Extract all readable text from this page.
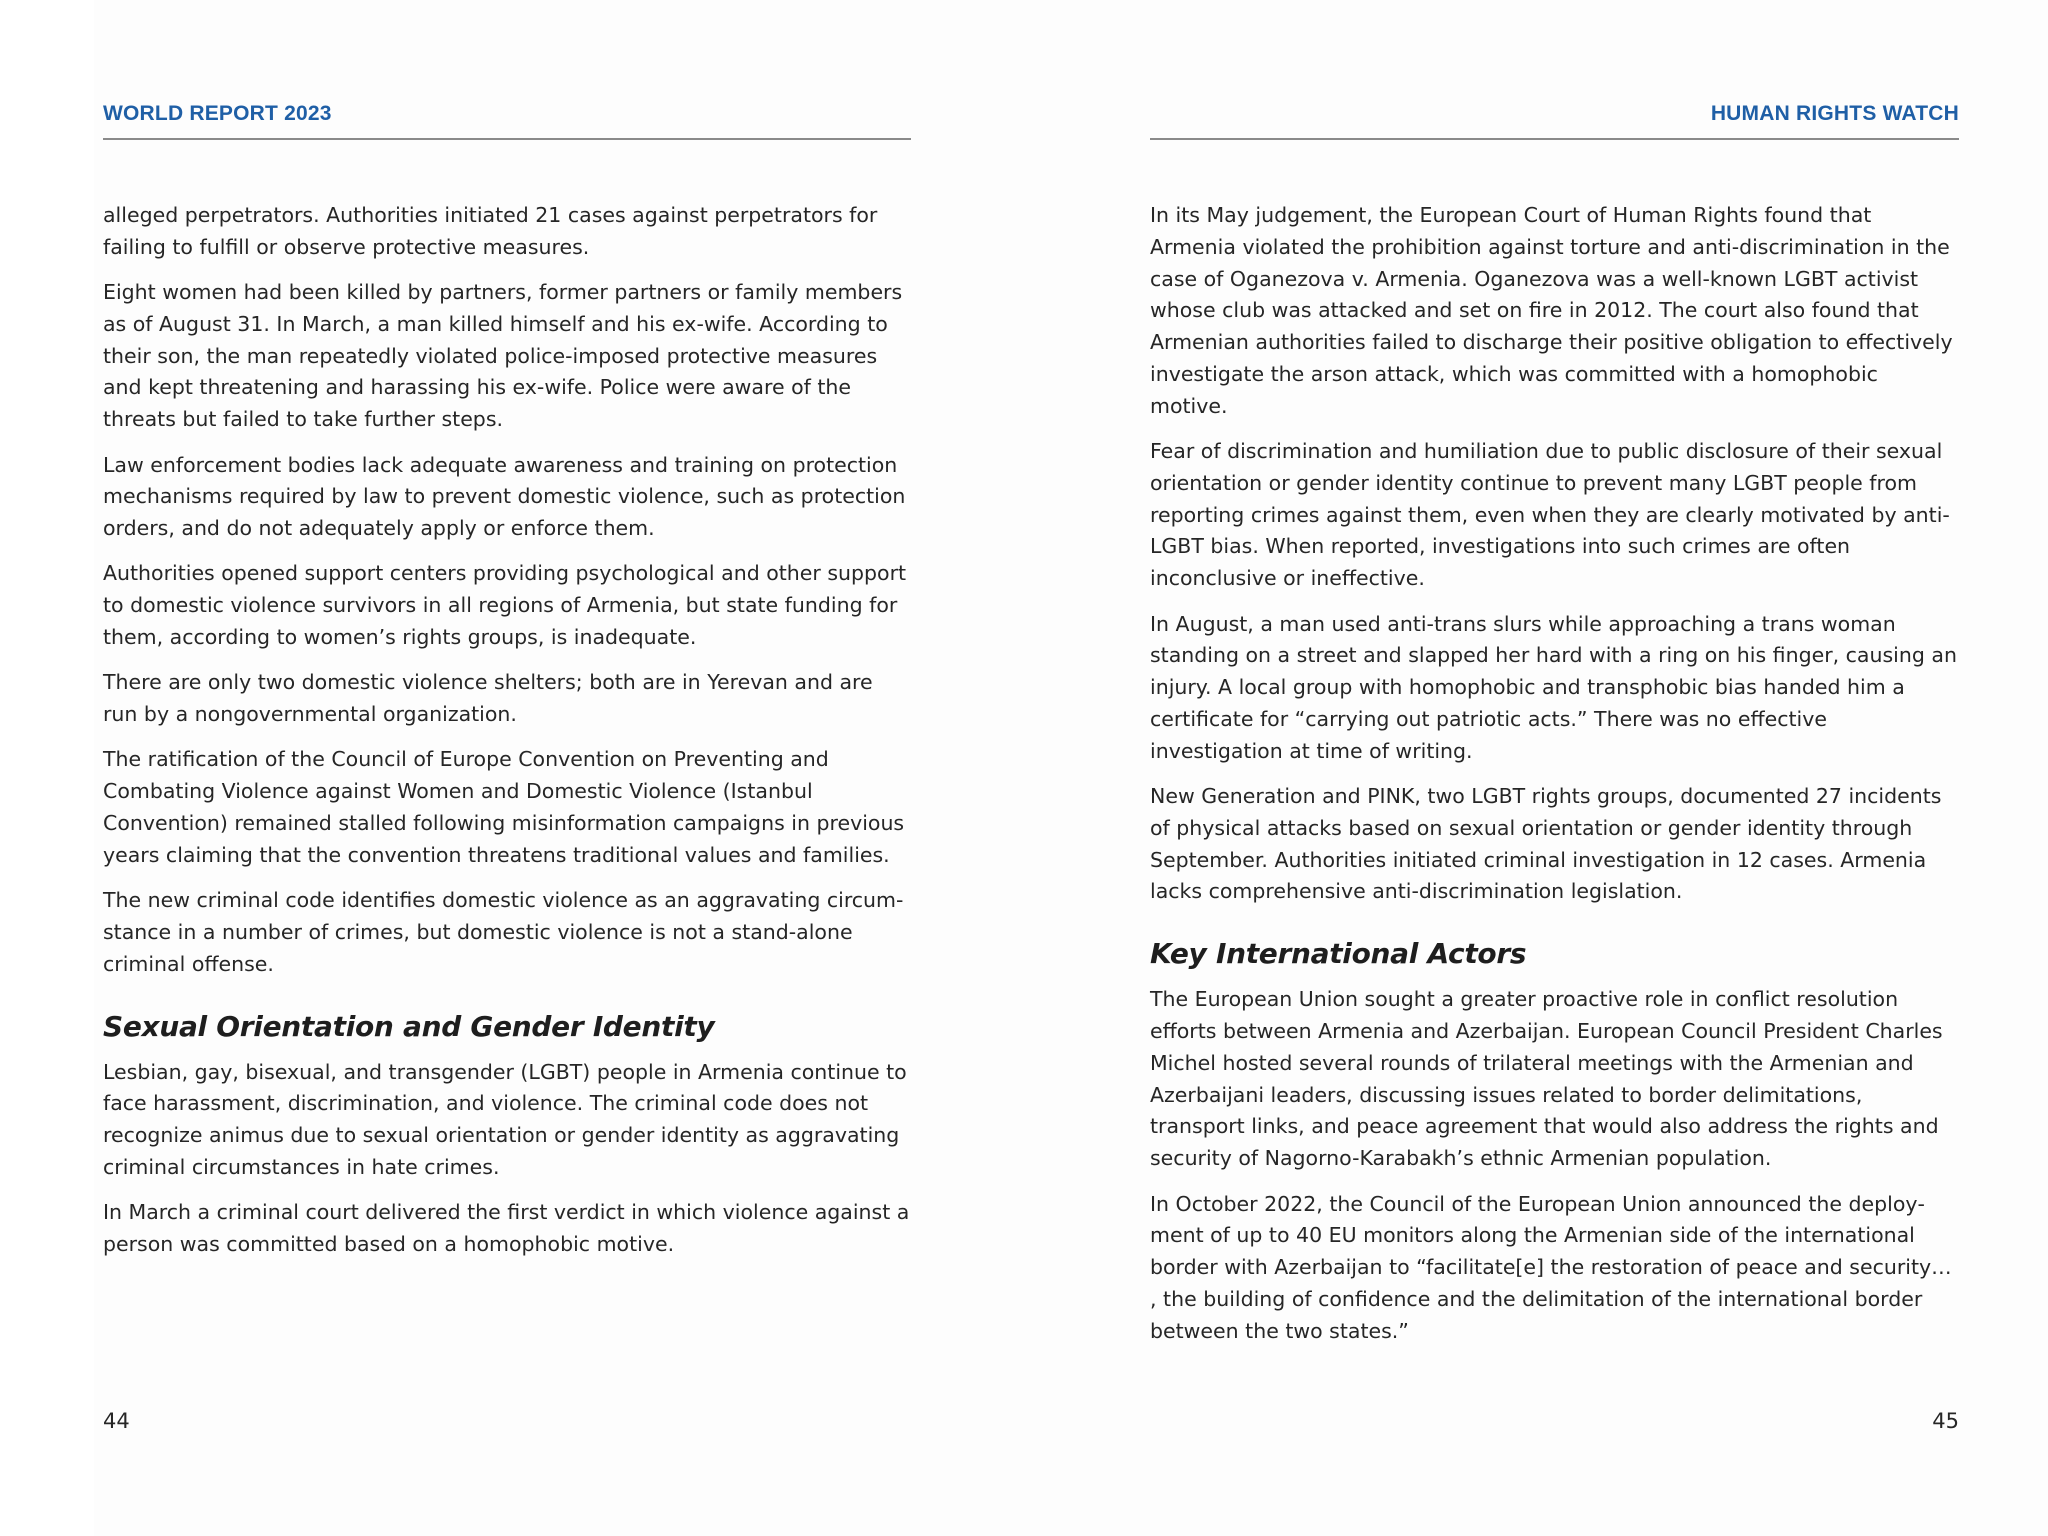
WORLD REPORT 2023

alleged perpetrators. Authorities initiated 21 cases against perpetrators for failing to fulfill or observe protective measures.

Eight women had been killed by partners, former partners or family members as of August 31. In March, a man killed himself and his ex-wife. According to their son, the man repeatedly violated police-imposed protective measures and kept threatening and harassing his ex-wife. Police were aware of the threats but failed to take further steps.

Law enforcement bodies lack adequate awareness and training on protection mechanisms required by law to prevent domestic violence, such as protection orders, and do not adequately apply or enforce them.

Authorities opened support centers providing psychological and other support to domestic violence survivors in all regions of Armenia, but state funding for them, according to women’s rights groups, is inadequate.

There are only two domestic violence shelters; both are in Yerevan and are run by a nongovernmental organization.

The ratification of the Council of Europe Convention on Preventing and Combating Violence against Women and Domestic Violence (Istanbul Convention) remained stalled following misinformation campaigns in previous years claiming that the convention threatens traditional values and families.

The new criminal code identifies domestic violence as an aggravating circumstance in a number of crimes, but domestic violence is not a stand-alone criminal offense.

Sexual Orientation and Gender Identity

Lesbian, gay, bisexual, and transgender (LGBT) people in Armenia continue to face harassment, discrimination, and violence. The criminal code does not recognize animus due to sexual orientation or gender identity as aggravating criminal circumstances in hate crimes.

In March a criminal court delivered the first verdict in which violence against a person was committed based on a homophobic motive.

44
HUMAN RIGHTS WATCH

In its May judgement, the European Court of Human Rights found that Armenia violated the prohibition against torture and anti-discrimination in the case of Oganezova v. Armenia. Oganezova was a well-known LGBT activist whose club was attacked and set on fire in 2012. The court also found that Armenian authorities failed to discharge their positive obligation to effectively investigate the arson attack, which was committed with a homophobic motive.

Fear of discrimination and humiliation due to public disclosure of their sexual orientation or gender identity continue to prevent many LGBT people from reporting crimes against them, even when they are clearly motivated by anti-LGBT bias. When reported, investigations into such crimes are often inconclusive or ineffective.

In August, a man used anti-trans slurs while approaching a trans woman standing on a street and slapped her hard with a ring on his finger, causing an injury. A local group with homophobic and transphobic bias handed him a certificate for “carrying out patriotic acts.” There was no effective investigation at time of writing.

New Generation and PINK, two LGBT rights groups, documented 27 incidents of physical attacks based on sexual orientation or gender identity through September. Authorities initiated criminal investigation in 12 cases. Armenia lacks comprehensive anti-discrimination legislation.

Key International Actors

The European Union sought a greater proactive role in conflict resolution efforts between Armenia and Azerbaijan. European Council President Charles Michel hosted several rounds of trilateral meetings with the Armenian and Azerbaijani leaders, discussing issues related to border delimitations, transport links, and peace agreement that would also address the rights and security of Nagorno-Karabakh’s ethnic Armenian population.

In October 2022, the Council of the European Union announced the deployment of up to 40 EU monitors along the Armenian side of the international border with Azerbaijan to “facilitate[e] the restoration of peace and security… , the building of confidence and the delimitation of the international border between the two states.”

45
